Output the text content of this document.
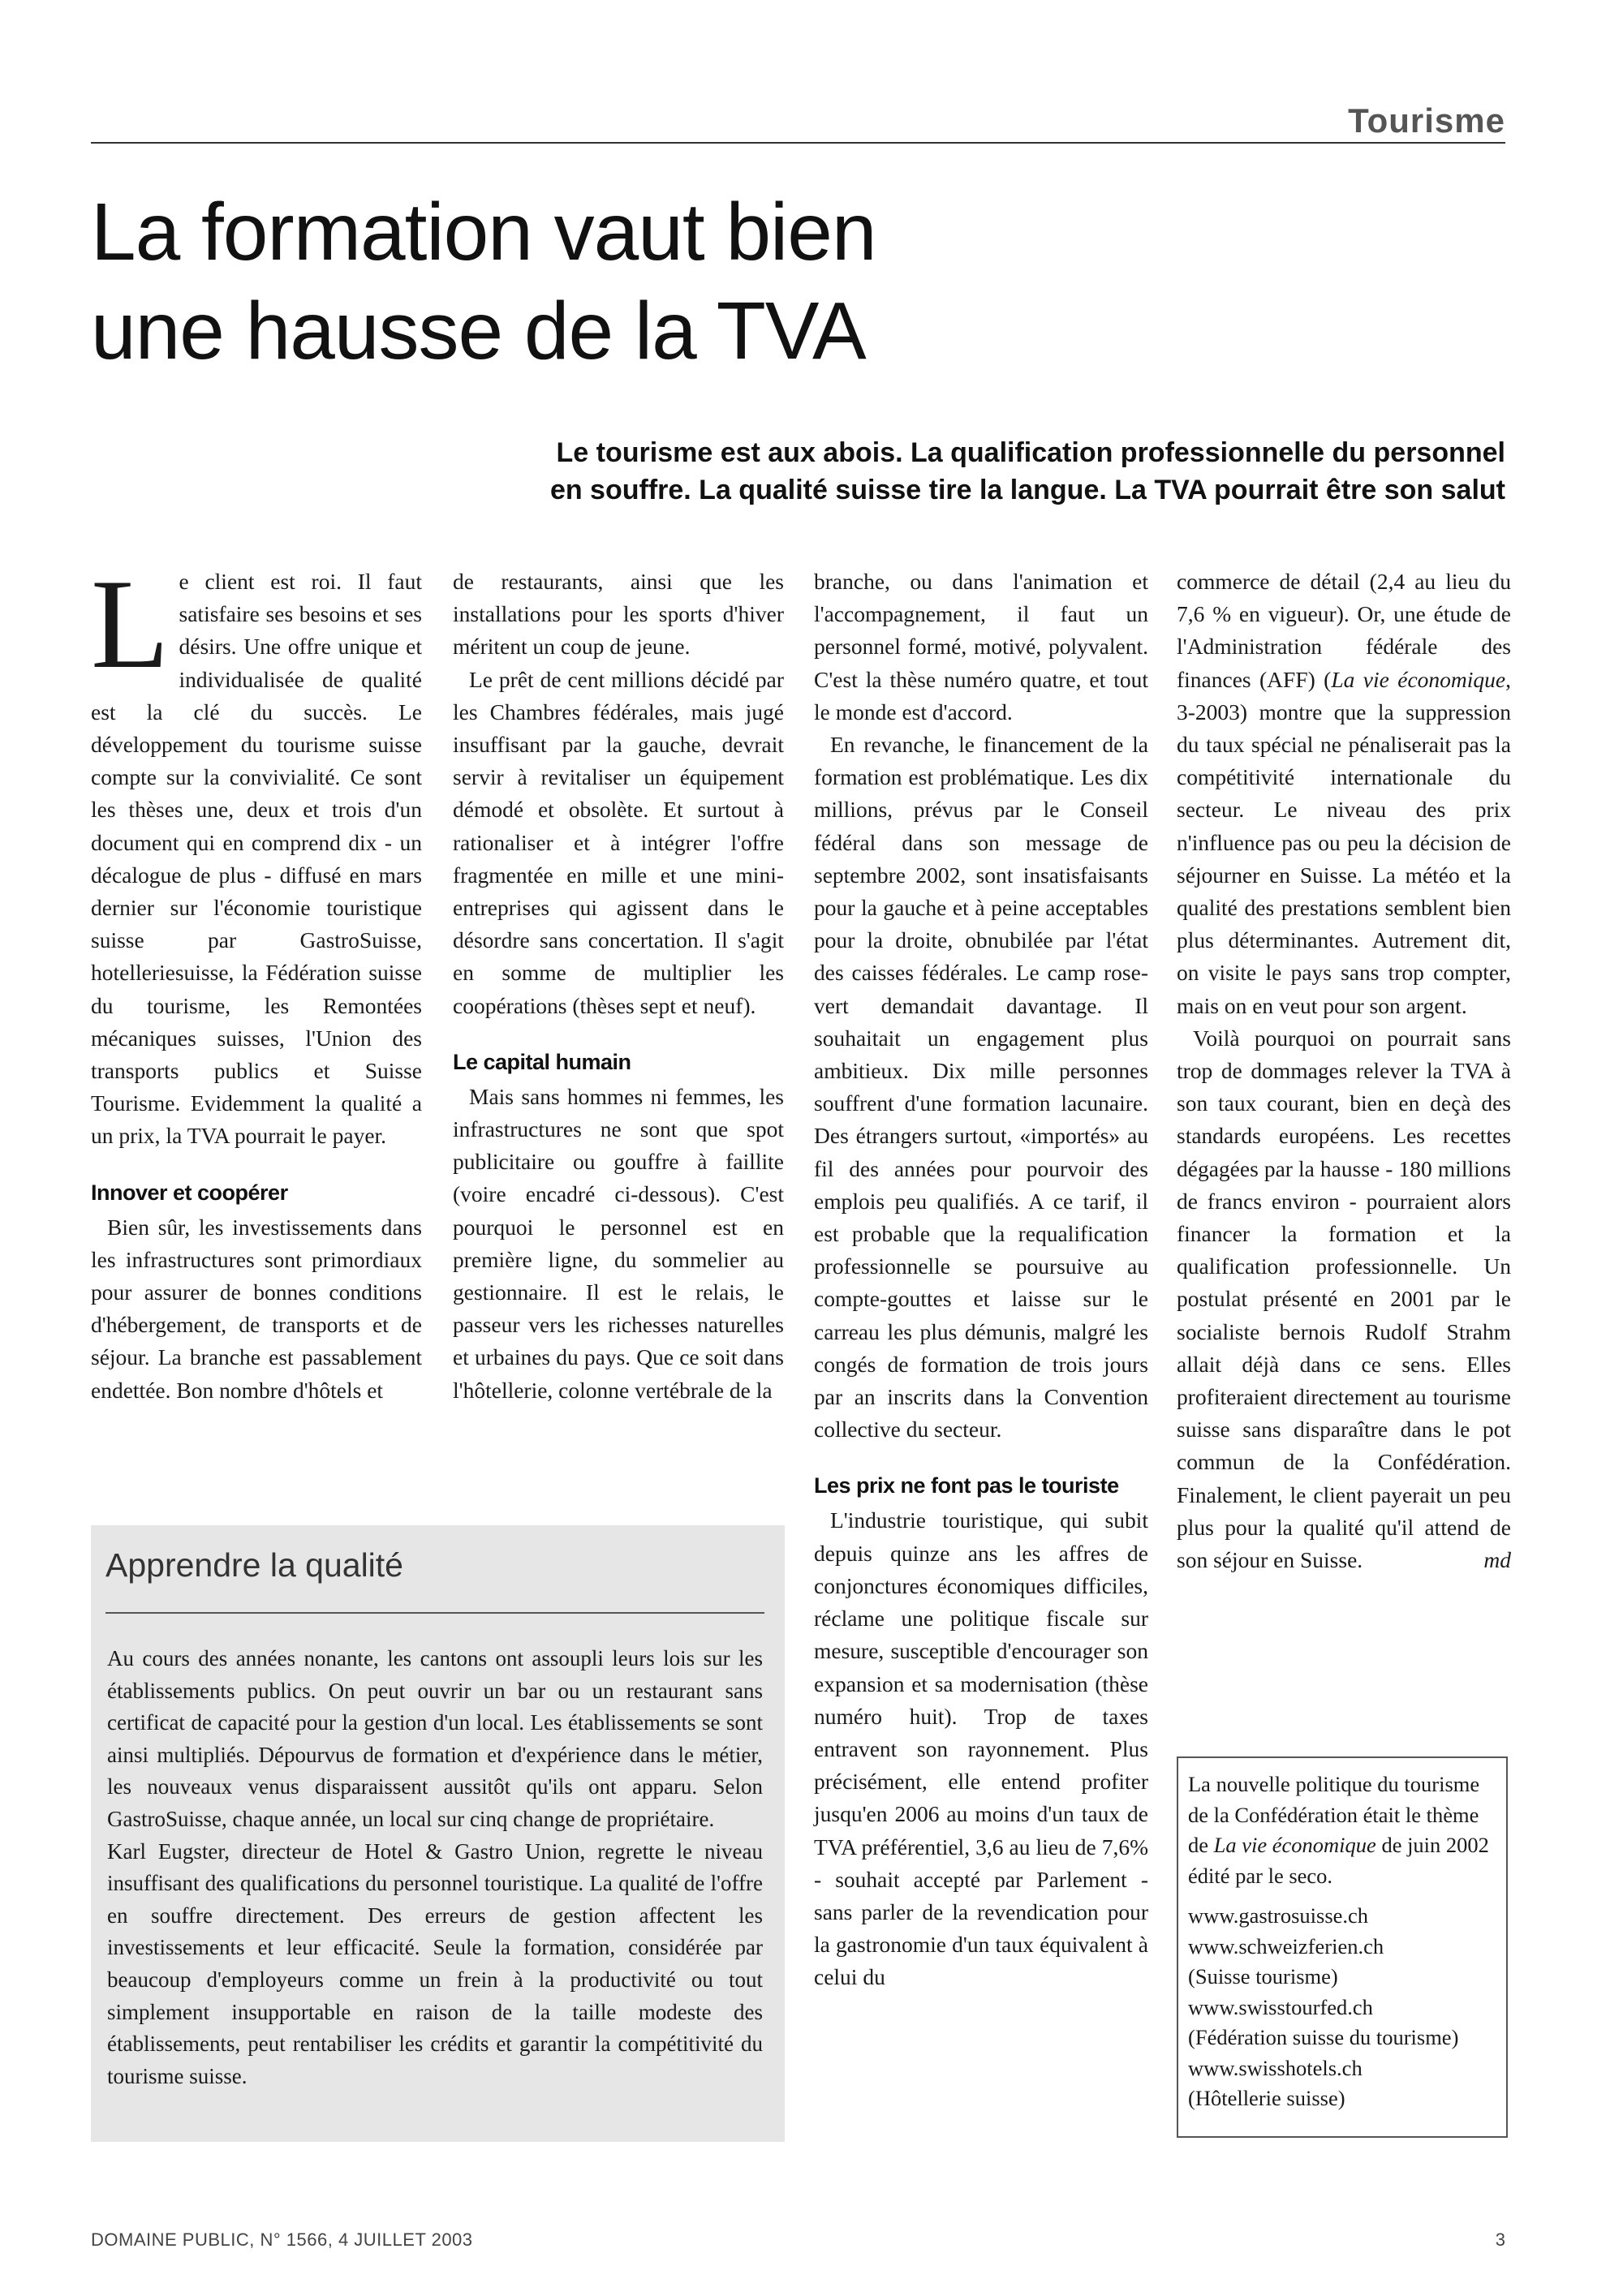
Tourisme
La formation vaut bien
une hausse de la TVA
Le tourisme est aux abois. La qualification professionnelle du personnel
en souffre. La qualité suisse tire la langue. La TVA pourrait être son salut

Le client est roi. Il faut satisfaire ses besoins et ses désirs. Une offre unique et individualisée de qualité est la clé du succès. Le développement du tourisme suisse compte sur la convivialité. Ce sont les thèses une, deux et trois d'un document qui en comprend dix - un décalogue de plus - diffusé en mars dernier sur l'économie touristique suisse par GastroSuisse, hotelleriesuisse, la Fédération suisse du tourisme, les Remontées mécaniques suisses, l'Union des transports publics et Suisse Tourisme. Evidemment la qualité a un prix, la TVA pourrait le payer.

Innover et coopérer

Bien sûr, les investissements dans les infrastructures sont primordiaux pour assurer de bonnes conditions d'hébergement, de transports et de séjour. La branche est passablement endettée. Bon nombre d'hôtels et

de restaurants, ainsi que les installations pour les sports d'hiver méritent un coup de jeune.

Le prêt de cent millions décidé par les Chambres fédérales, mais jugé insuffisant par la gauche, devrait servir à revitaliser un équipement démodé et obsolète. Et surtout à rationaliser et à intégrer l'offre fragmentée en mille et une mini-entreprises qui agissent dans le désordre sans concertation. Il s'agit en somme de multiplier les coopérations (thèses sept et neuf).

Le capital humain

Mais sans hommes ni femmes, les infrastructures ne sont que spot publicitaire ou gouffre à faillite (voire encadré ci-dessous). C'est pourquoi le personnel est en première ligne, du sommelier au gestionnaire. Il est le relais, le passeur vers les richesses naturelles et urbaines du pays. Que ce soit dans l'hôtellerie, colonne vertébrale de la

branche, ou dans l'animation et l'accompagnement, il faut un personnel formé, motivé, polyvalent. C'est la thèse numéro quatre, et tout le monde est d'accord.

En revanche, le financement de la formation est problématique. Les dix millions, prévus par le Conseil fédéral dans son message de septembre 2002, sont insatisfaisants pour la gauche et à peine acceptables pour la droite, obnubilée par l'état des caisses fédérales. Le camp rose-vert demandait davantage. Il souhaitait un engagement plus ambitieux. Dix mille personnes souffrent d'une formation lacunaire. Des étrangers surtout, «importés» au fil des années pour pourvoir des emplois peu qualifiés. A ce tarif, il est probable que la requalification professionnelle se poursuive au compte-gouttes et laisse sur le carreau les plus démunis, malgré les congés de formation de trois jours par an inscrits dans la Convention collective du secteur.

Les prix ne font pas le touriste

L'industrie touristique, qui subit depuis quinze ans les affres de conjonctures économiques difficiles, réclame une politique fiscale sur mesure, susceptible d'encourager son expansion et sa modernisation (thèse numéro huit). Trop de taxes entravent son rayonnement. Plus précisément, elle entend profiter jusqu'en 2006 au moins d'un taux de TVA préférentiel, 3,6 au lieu de 7,6% - souhait accepté par Parlement - sans parler de la revendication pour la gastronomie d'un taux équivalent à celui du

commerce de détail (2,4 au lieu du 7,6 % en vigueur). Or, une étude de l'Administration fédérale des finances (AFF) (La vie économique, 3-2003) montre que la suppression du taux spécial ne pénaliserait pas la compétitivité internationale du secteur. Le niveau des prix n'influence pas ou peu la décision de séjourner en Suisse. La météo et la qualité des prestations semblent bien plus déterminantes. Autrement dit, on visite le pays sans trop compter, mais on en veut pour son argent.

Voilà pourquoi on pourrait sans trop de dommages relever la TVA à son taux courant, bien en deçà des standards européens. Les recettes dégagées par la hausse - 180 millions de francs environ - pourraient alors financer la formation et la qualification professionnelle. Un postulat présenté en 2001 par le socialiste bernois Rudolf Strahm allait déjà dans ce sens. Elles profiteraient directement au tourisme suisse sans disparaître dans le pot commun de la Confédération. Finalement, le client payerait un peu plus pour la qualité qu'il attend de son séjour en Suisse.	md

Apprendre la qualité

Au cours des années nonante, les cantons ont assoupli leurs lois sur les établissements publics. On peut ouvrir un bar ou un restaurant sans certificat de capacité pour la gestion d'un local. Les établissements se sont ainsi multipliés. Dépourvus de formation et d'expérience dans le métier, les nouveaux venus disparaissent aussitôt qu'ils ont apparu. Selon GastroSuisse, chaque année, un local sur cinq change de propriétaire.

Karl Eugster, directeur de Hotel & Gastro Union, regrette le niveau insuffisant des qualifications du personnel touristique. La qualité de l'offre en souffre directement. Des erreurs de gestion affectent les investissements et leur efficacité. Seule la formation, considérée par beaucoup d'employeurs comme un frein à la productivité ou tout simplement insupportable en raison de la taille modeste des établissements, peut rentabiliser les crédits et garantir la compétitivité du tourisme suisse.

La nouvelle politique du tourisme de la Confédération était le thème de La vie économique de juin 2002 édité par le seco.

www.gastrosuisse.ch
www.schweizferien.ch
(Suisse tourisme)
www.swisstourfed.ch
(Fédération suisse du tourisme)
www.swisshotels.ch
(Hôtellerie suisse)
DOMAINE PUBLIC, N° 1566, 4 JUILLET 2003	3
